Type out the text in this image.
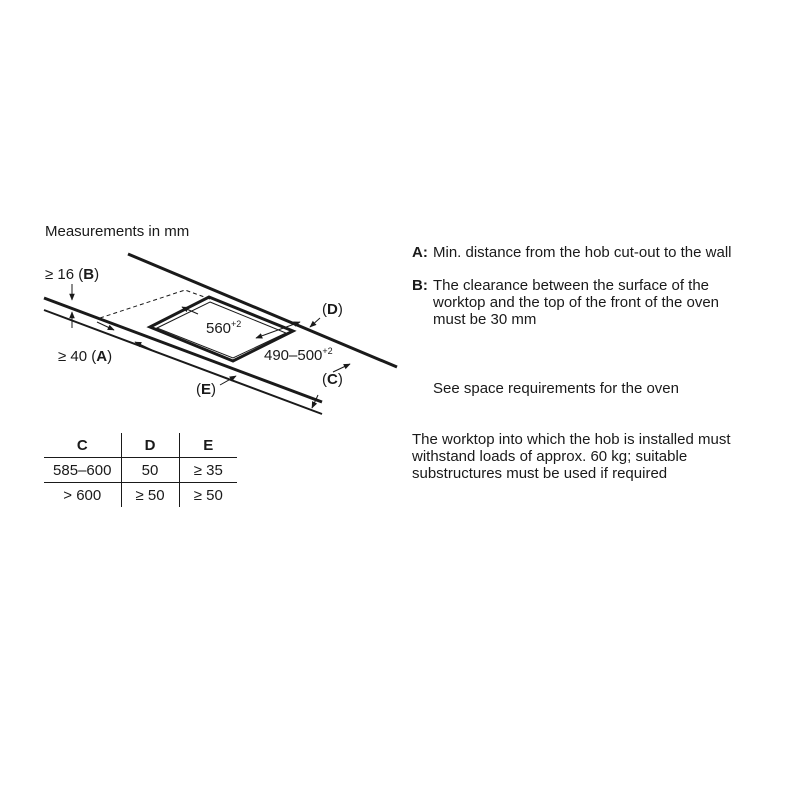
Measurements in mm
≥ 16 (B)
≥ 40 (A)
(D)
(E)
(C)
$560^{+2}$
$490-500^{+2}$
C	D	E
585–600	50	≥ 35
> 600	≥ 50	≥ 50
A: Min. distance from the hob cut-out to the wall
B: The clearance between the surface of the worktop and the top of the front of the oven must be 30 mm
See space requirements for the oven
The worktop into which the hob is installed must withstand loads of approx. 60 kg; suitable substructures must be used if required
